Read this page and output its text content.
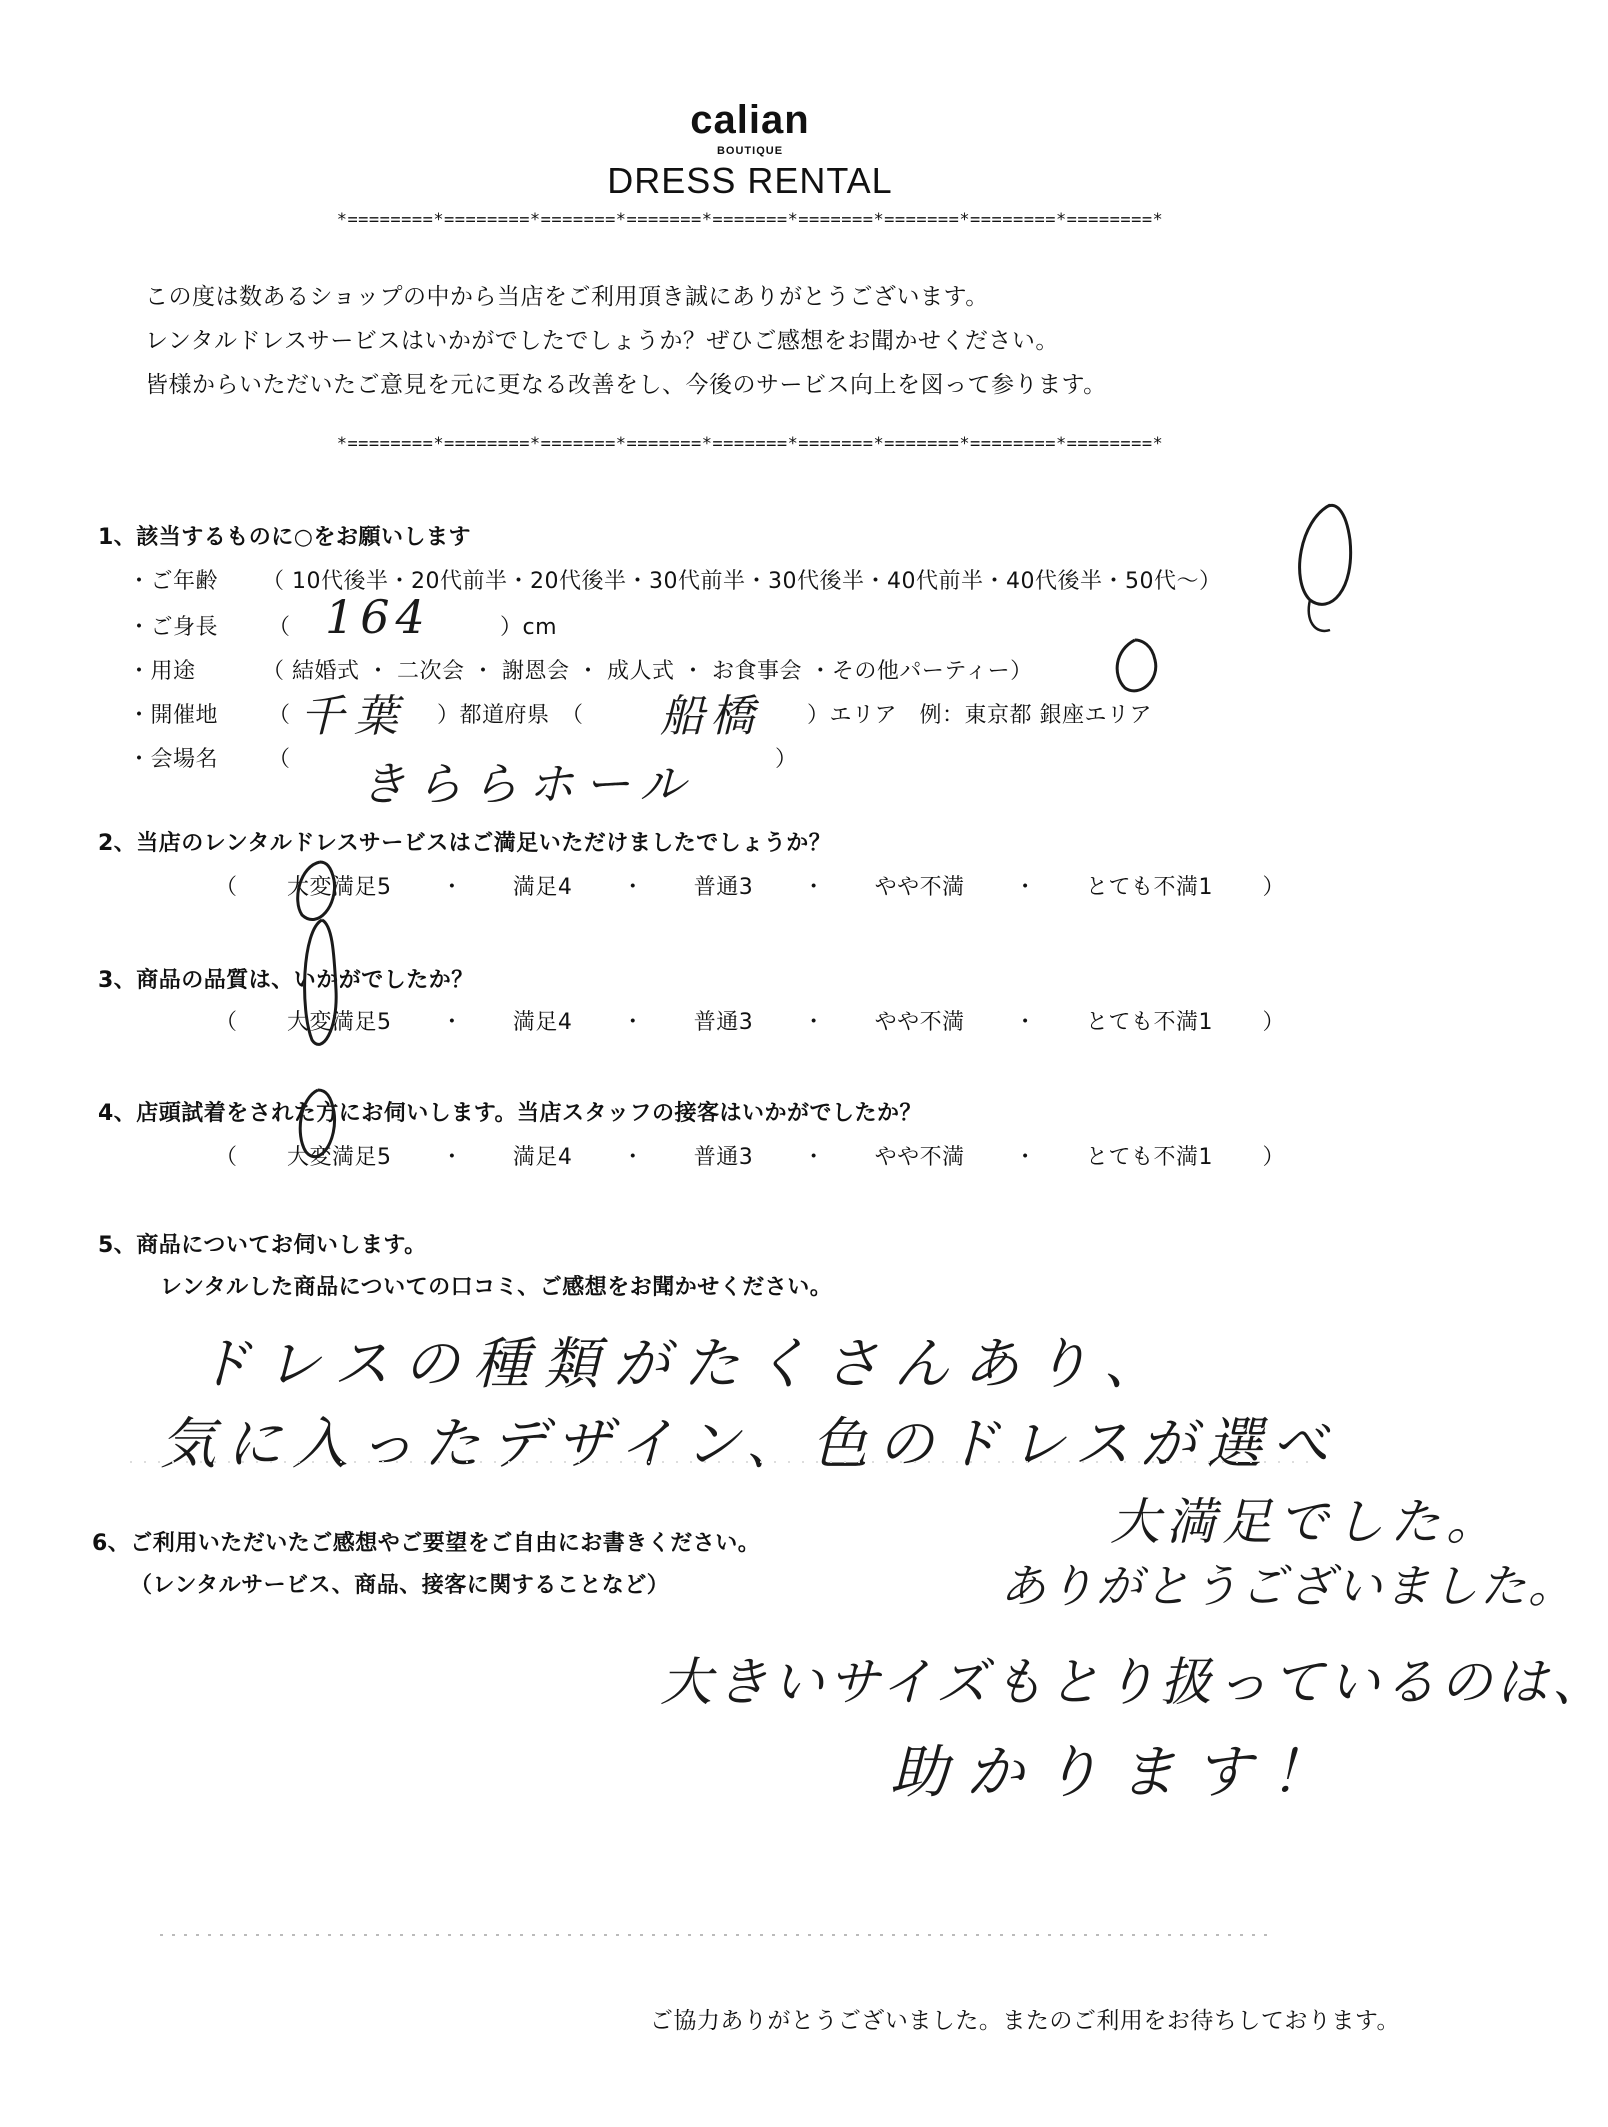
calian
BOUTIQUE
DRESS RENTAL
*========*========*=======*=======*=======*=======*=======*========*========*
この度は数あるショップの中から当店をご利用頂き誠にありがとうございます。
レンタルドレスサービスはいかがでしたでしょうか？ぜひご感想をお聞かせください。
皆様からいただいたご意見を元に更なる改善をし、今後のサービス向上を図って参ります。
*========*========*=======*=======*=======*=======*=======*========*========*
1、該当するものに○をお願いします
・ご年齢 （ 10代後半・20代前半・20代後半・30代前半・30代後半・40代前半・40代後半・50代～）
・ご身長 （ 164	）cm
・用途	（ 結婚式 ・ 二次会 ・ 謝恩会 ・ 成人式 ・ お食事会 ・その他パーティー）
・開催地 （ 千葉 ）都道府県　（ 船橋 ）エリア　例：東京都 銀座エリア
・会場名 （ きららホール	）
2、当店のレンタルドレスサービスはご満足いただけましたでしょうか？
（ 大変満足5 ・ 満足4 ・ 普通3 ・ やや不満 ・ とても不満1 ）
3、商品の品質は、いかがでしたか？
（ 大変満足5 ・ 満足4 ・ 普通3 ・ やや不満 ・ とても不満1 ）
4、店頭試着をされた方にお伺いします。当店スタッフの接客はいかがでしたか？
（ 大変満足5 ・ 満足4 ・ 普通3 ・ やや不満 ・ とても不満1 ）
5、商品についてお伺いします。
レンタルした商品についての口コミ、ご感想をお聞かせください。
ドレスの種類がたくさんあり、
気に入ったデザイン、色のドレスが選べ
大満足でした。
ありがとうございました。
6、ご利用いただいたご感想やご要望をご自由にお書きください。
（レンタルサービス、商品、接客に関することなど）
大きいサイズもとり扱っているのは、
助かります！
ご協力ありがとうございました。またのご利用をお待ちしております。
